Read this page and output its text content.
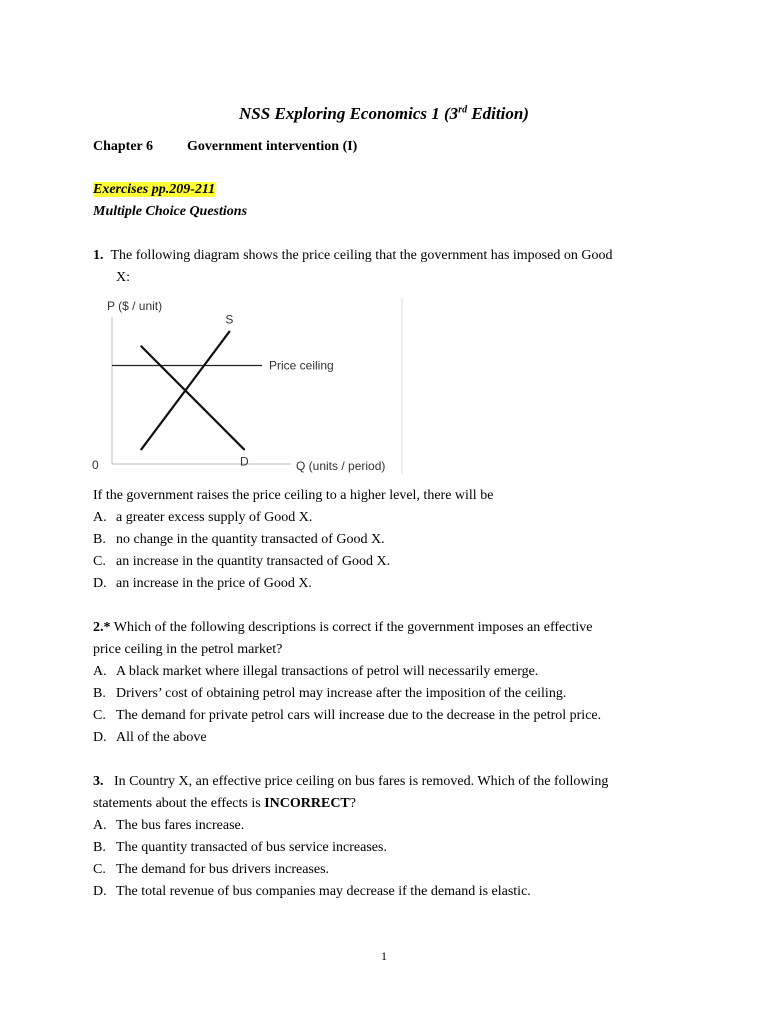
NSS Exploring Economics 1 (3rd Edition)
Chapter 6 Government intervention (I)
Exercises pp.209-211
Multiple Choice Questions
1. The following diagram shows the price ceiling that the government has imposed on Good
X:
P ($ / unit)
0	Q (units / period)
Price ceiling
S
D
If the government raises the price ceiling to a higher level, there will be
A. a greater excess supply of Good X.
B. no change in the quantity transacted of Good X.
C. an increase in the quantity transacted of Good X.
D. an increase in the price of Good X.
2.* Which of the following descriptions is correct if the government imposes an effective
price ceiling in the petrol market?
A. A black market where illegal transactions of petrol will necessarily emerge.
B. Drivers’ cost of obtaining petrol may increase after the imposition of the ceiling.
C. The demand for private petrol cars will increase due to the decrease in the petrol price.
D. All of the above
3. In Country X, an effective price ceiling on bus fares is removed. Which of the following
statements about the effects is INCORRECT?
A. The bus fares increase.
B. The quantity transacted of bus service increases.
C. The demand for bus drivers increases.
D. The total revenue of bus companies may decrease if the demand is elastic.
1
